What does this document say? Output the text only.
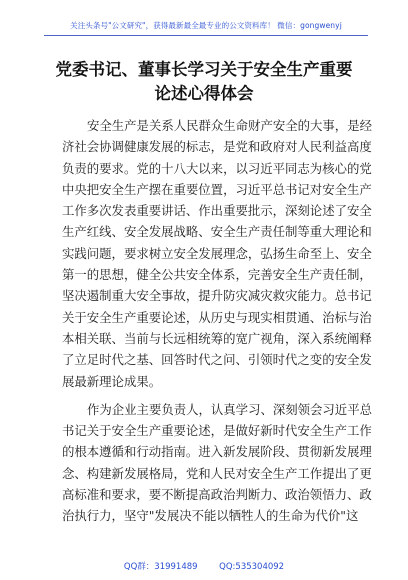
关注头条号"公文研究"，获得最新最全最专业的公文资料库！ 微信：gongwenyj
党委书记、董事长学习关于安全生产重要
论述心得体会
安全生产是关系人民群众生命财产安全的大事，是经
济社会协调健康发展的标志，是党和政府对人民利益高度
负责的要求。党的十八大以来，以习近平同志为核心的党
中央把安全生产摆在重要位置，习近平总书记对安全生产
工作多次发表重要讲话、作出重要批示，深刻论述了安全
生产红线、安全发展战略、安全生产责任制等重大理论和
实践问题，要求树立安全发展理念，弘扬生命至上、安全
第一的思想，健全公共安全体系，完善安全生产责任制，
坚决遏制重大安全事故，提升防灾减灾救灾能力。总书记
关于安全生产重要论述，从历史与现实相贯通、治标与治
本相关联、当前与长远相统筹的宽广视角，深入系统阐释
了立足时代之基、回答时代之问、引领时代之变的安全发
展最新理论成果。
作为企业主要负责人，认真学习、深刻领会习近平总
书记关于安全生产重要论述，是做好新时代安全生产工作
的根本遵循和行动指南。进入新发展阶段、贯彻新发展理
念、构建新发展格局，党和人民对安全生产工作提出了更
高标准和要求，要不断提高政治判断力、政治领悟力、政
治执行力，坚守"发展决不能以牺牲人的生命为代价"这
QQ群：31991489        QQ:535304092
